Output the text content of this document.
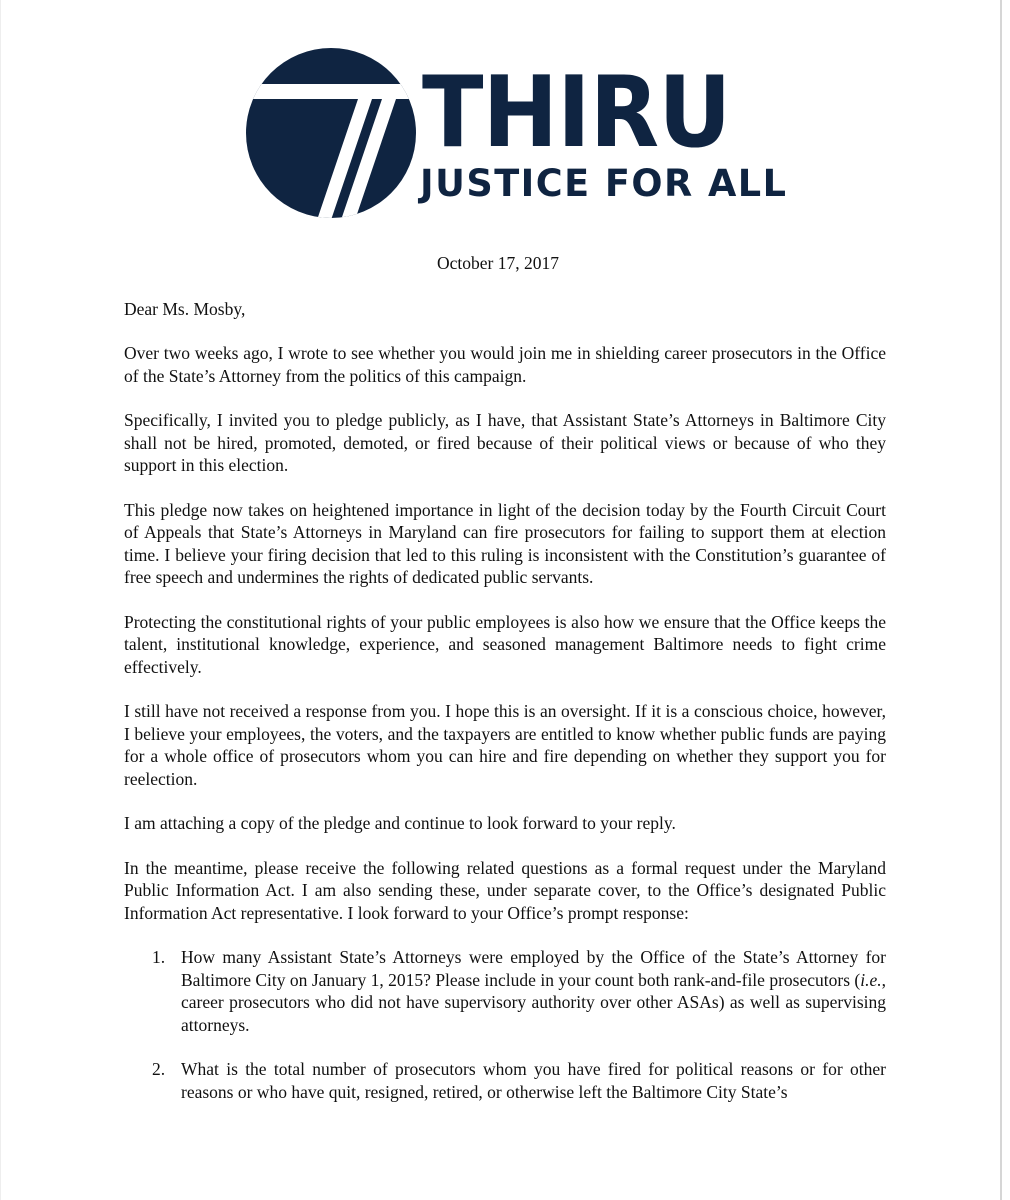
THIRU
JUSTICE FOR ALL
October 17, 2017
Dear Ms. Mosby,

Over two weeks ago, I wrote to see whether you would join me in shielding career prosecutors in the Office of the State’s Attorney from the politics of this campaign.

Specifically, I invited you to pledge publicly, as I have, that Assistant State’s Attorneys in Baltimore City shall not be hired, promoted, demoted, or fired because of their political views or because of who they support in this election.

This pledge now takes on heightened importance in light of the decision today by the Fourth Circuit Court of Appeals that State’s Attorneys in Maryland can fire prosecutors for failing to support them at election time. I believe your firing decision that led to this ruling is inconsistent with the Constitution’s guarantee of free speech and undermines the rights of dedicated public servants.

Protecting the constitutional rights of your public employees is also how we ensure that the Office keeps the talent, institutional knowledge, experience, and seasoned management Baltimore needs to fight crime effectively.

I still have not received a response from you. I hope this is an oversight. If it is a conscious choice, however, I believe your employees, the voters, and the taxpayers are entitled to know whether public funds are paying for a whole office of prosecutors whom you can hire and fire depending on whether they support you for reelection.

I am attaching a copy of the pledge and continue to look forward to your reply.

In the meantime, please receive the following related questions as a formal request under the Maryland Public Information Act. I am also sending these, under separate cover, to the Office’s designated Public Information Act representative. I look forward to your Office’s prompt response:

1. How many Assistant State’s Attorneys were employed by the Office of the State’s Attorney for Baltimore City on January 1, 2015? Please include in your count both rank-and-file prosecutors (i.e., career prosecutors who did not have supervisory authority over other ASAs) as well as supervising attorneys.
2. What is the total number of prosecutors whom you have fired for political reasons or for other reasons or who have quit, resigned, retired, or otherwise left the Baltimore City State’s
